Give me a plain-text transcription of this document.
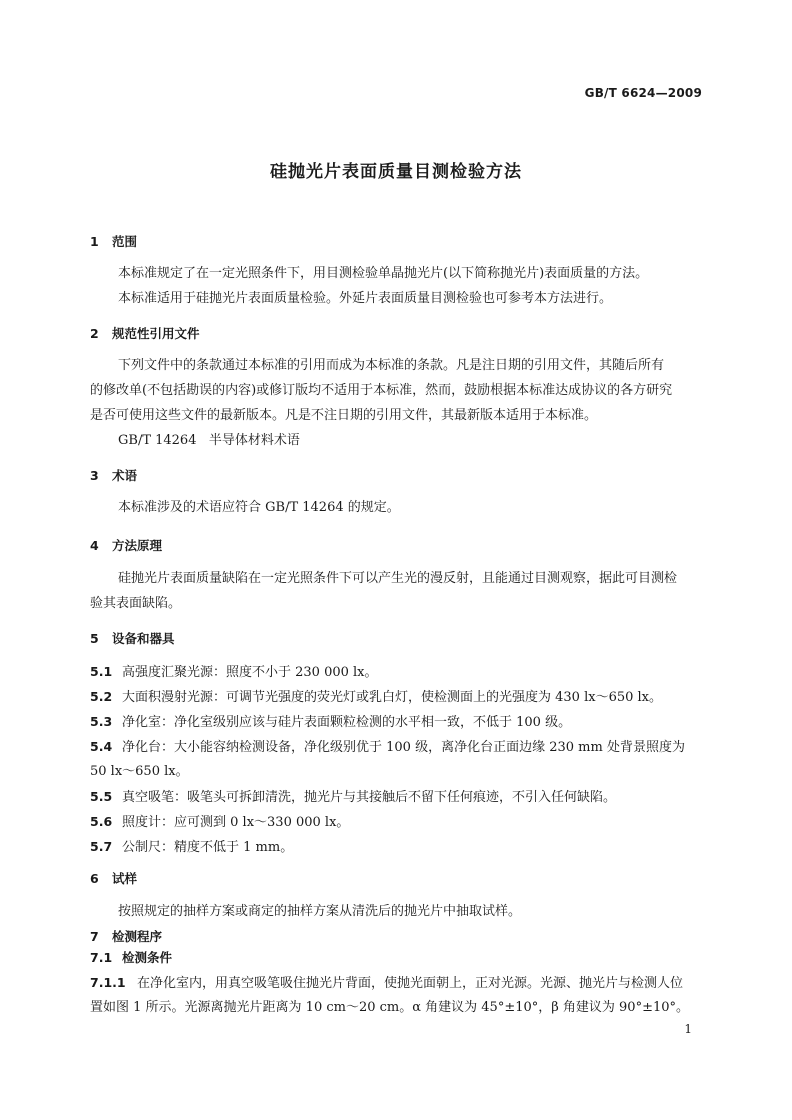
GB/T 6624—2009
硅抛光片表面质量目测检验方法
1 范围
本标准规定了在一定光照条件下，用目测检验单晶抛光片(以下简称抛光片)表面质量的方法。
本标准适用于硅抛光片表面质量检验。外延片表面质量目测检验也可参考本方法进行。
2 规范性引用文件
下列文件中的条款通过本标准的引用而成为本标准的条款。凡是注日期的引用文件，其随后所有
的修改单(不包括勘误的内容)或修订版均不适用于本标准，然而，鼓励根据本标准达成协议的各方研究
是否可使用这些文件的最新版本。凡是不注日期的引用文件，其最新版本适用于本标准。
GB/T 14264   半导体材料术语
3 术语
本标准涉及的术语应符合 GB/T 14264 的规定。
4 方法原理
硅抛光片表面质量缺陷在一定光照条件下可以产生光的漫反射，且能通过目测观察，据此可目测检
验其表面缺陷。
5 设备和器具
5.1 高强度汇聚光源：照度不小于 230 000 lx。
5.2 大面积漫射光源：可调节光强度的荧光灯或乳白灯，使检测面上的光强度为 430 lx～650 lx。
5.3 净化室：净化室级别应该与硅片表面颗粒检测的水平相一致，不低于 100 级。
5.4 净化台：大小能容纳检测设备，净化级别优于 100 级，离净化台正面边缘 230 mm 处背景照度为
50 lx～650 lx。
5.5 真空吸笔：吸笔头可拆卸清洗，抛光片与其接触后不留下任何痕迹，不引入任何缺陷。
5.6 照度计：应可测到 0 lx～330 000 lx。
5.7 公制尺：精度不低于 1 mm。
6 试样
按照规定的抽样方案或商定的抽样方案从清洗后的抛光片中抽取试样。
7 检测程序
7.1 检测条件
7.1.1 在净化室内，用真空吸笔吸住抛光片背面，使抛光面朝上，正对光源。光源、抛光片与检测人位
置如图 1 所示。光源离抛光片距离为 10 cm～20 cm。α 角建议为 45°±10°，β 角建议为 90°±10°。
1
